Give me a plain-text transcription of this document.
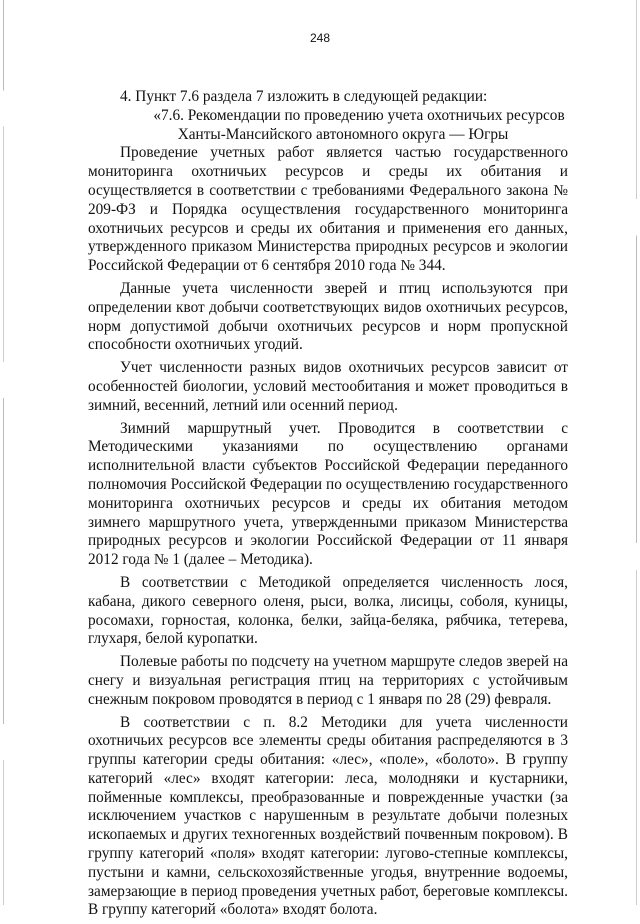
248

4. Пункт 7.6 раздела 7 изложить в следующей редакции:

«7.6. Рекомендации по проведению учета охотничьих ресурсов

Ханты-Мансийского автономного округа — Югры

Проведение учетных работ является частью государственного мониторинга охотничьих ресурсов и среды их обитания и осуществляется в соответствии с требованиями Федерального закона № 209-ФЗ и Порядка осуществления государственного мониторинга охотничьих ресурсов и среды их обитания и применения его данных, утвержденного приказом Министерства природных ресурсов и экологии Российской Федерации от 6 сентября 2010 года № 344.

Данные учета численности зверей и птиц используются при определении квот добычи соответствующих видов охотничьих ресурсов, норм допустимой добычи охотничьих ресурсов и норм пропускной способности охотничьих угодий.

Учет численности разных видов охотничьих ресурсов зависит от особенностей биологии, условий местообитания и может проводиться в зимний, весенний, летний или осенний период.

Зимний маршрутный учет. Проводится в соответствии с Методическими указаниями по осуществлению органами исполнительной власти субъектов Российской Федерации переданного полномочия Российской Федерации по осуществлению государственного мониторинга охотничьих ресурсов и среды их обитания методом зимнего маршрутного учета, утвержденными приказом Министерства природных ресурсов и экологии Российской Федерации от 11 января 2012 года № 1 (далее – Методика).

В соответствии с Методикой определяется численность лося, кабана, дикого северного оленя, рыси, волка, лисицы, соболя, куницы, росомахи, горностая, колонка, белки, зайца-беляка, рябчика, тетерева, глухаря, белой куропатки.

Полевые работы по подсчету на учетном маршруте следов зверей на снегу и визуальная регистрация птиц на территориях с устойчивым снежным покровом проводятся в период с 1 января по 28 (29) февраля.

В соответствии с п. 8.2 Методики для учета численности охотничьих ресурсов все элементы среды обитания распределяются в 3 группы категории среды обитания: «лес», «поле», «болото». В группу категорий «лес» входят категории: леса, молодняки и кустарники, пойменные комплексы, преобразованные и поврежденные участки (за исключением участков с нарушенным в результате добычи полезных ископаемых и других техногенных воздействий почвенным покровом). В группу категорий «поля» входят категории: лугово-степные комплексы, пустыни и камни, сельскохозяйственные угодья, внутренние водоемы, замерзающие в период проведения учетных работ, береговые комплексы. В группу категорий «болота» входят болота.
